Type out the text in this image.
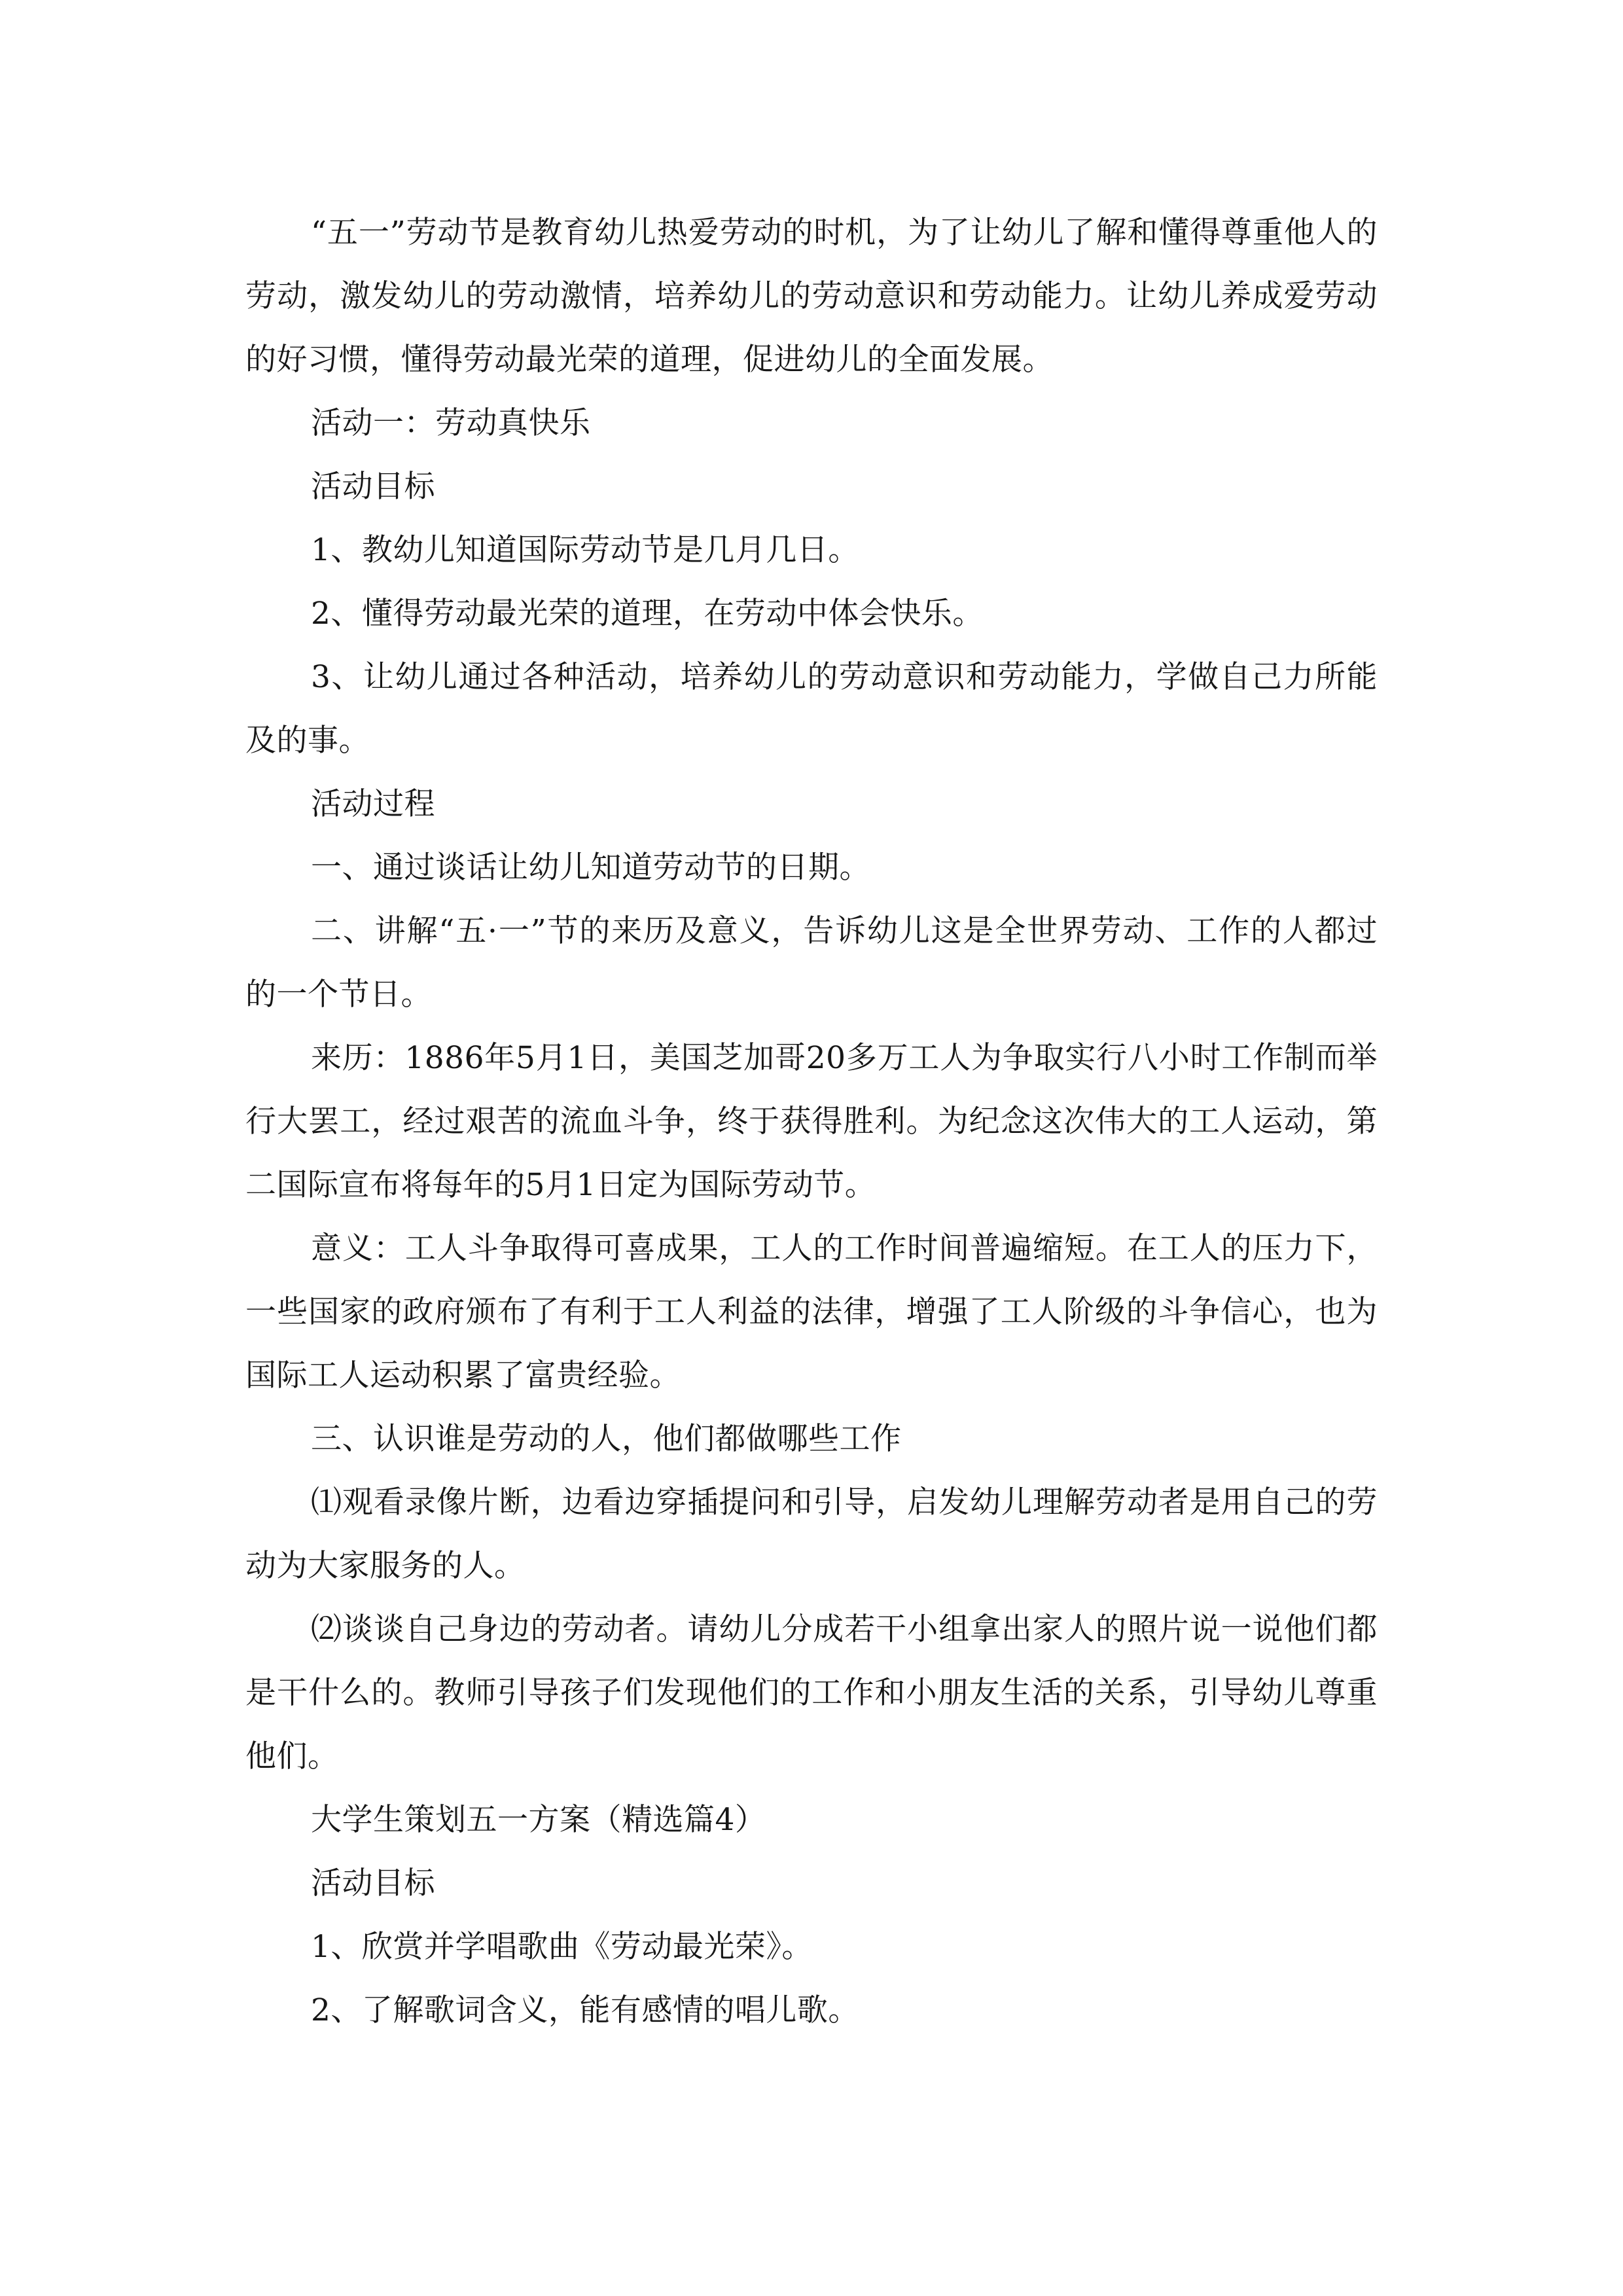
“五一”劳动节是教育幼儿热爱劳动的时机，为了让幼儿了解和懂得尊重他人的劳动，激发幼儿的劳动激情，培养幼儿的劳动意识和劳动能力。让幼儿养成爱劳动的好习惯，懂得劳动最光荣的道理，促进幼儿的全面发展。

活动一：劳动真快乐

活动目标

1、教幼儿知道国际劳动节是几月几日。

2、懂得劳动最光荣的道理，在劳动中体会快乐。

3、让幼儿通过各种活动，培养幼儿的劳动意识和劳动能力，学做自己力所能及的事。

活动过程

一、通过谈话让幼儿知道劳动节的日期。

二、讲解“五·一”节的来历及意义，告诉幼儿这是全世界劳动、工作的人都过的一个节日。

来历：1886年5月1日，美国芝加哥20多万工人为争取实行八小时工作制而举行大罢工，经过艰苦的流血斗争，终于获得胜利。为纪念这次伟大的工人运动，第二国际宣布将每年的5月1日定为国际劳动节。

意义：工人斗争取得可喜成果，工人的工作时间普遍缩短。在工人的压力下，一些国家的政府颁布了有利于工人利益的法律，增强了工人阶级的斗争信心，也为国际工人运动积累了富贵经验。

三、认识谁是劳动的人，他们都做哪些工作

⑴观看录像片断，边看边穿插提问和引导，启发幼儿理解劳动者是用自己的劳动为大家服务的人。

⑵谈谈自己身边的劳动者。请幼儿分成若干小组拿出家人的照片说一说他们都是干什么的。教师引导孩子们发现他们的工作和小朋友生活的关系，引导幼儿尊重他们。

大学生策划五一方案（精选篇4）

活动目标

1、欣赏并学唱歌曲《劳动最光荣》。

2、了解歌词含义，能有感情的唱儿歌。
